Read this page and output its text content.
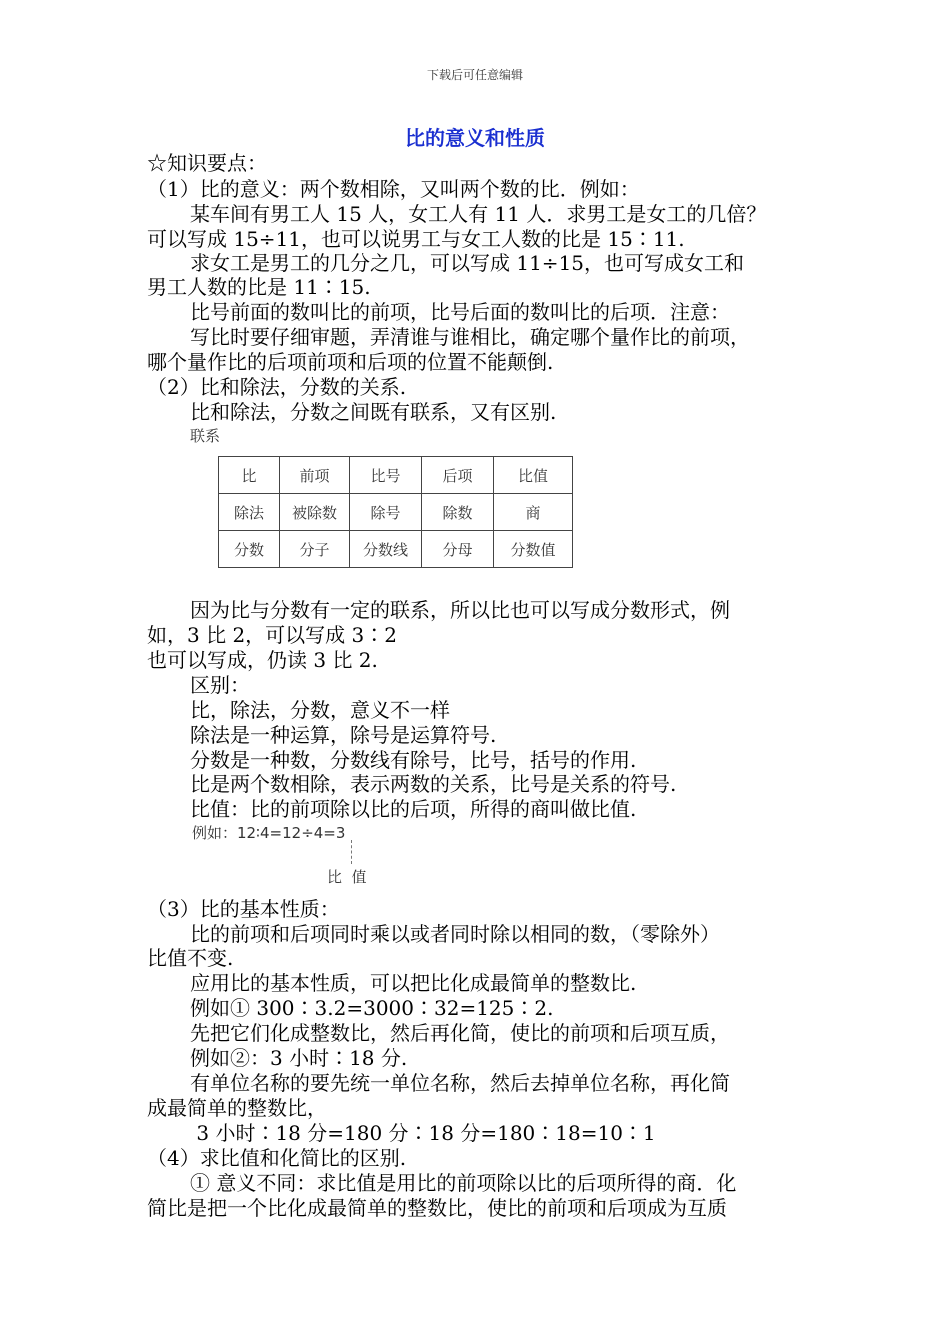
下载后可任意编辑
比的意义和性质
☆知识要点：
（1）比的意义：两个数相除，又叫两个数的比．例如：
某车间有男工人 15 人，女工人有 11 人．求男工是女工的几倍？
可以写成 15÷11，也可以说男工与女工人数的比是 15∶11.
求女工是男工的几分之几，可以写成 11÷15，也可写成女工和
男工人数的比是 11∶15.
比号前面的数叫比的前项，比号后面的数叫比的后项．注意：
写比时要仔细审题，弄清谁与谁相比，确定哪个量作比的前项，
哪个量作比的后项前项和后项的位置不能颠倒.
（2）比和除法，分数的关系.
比和除法，分数之间既有联系，又有区别.
联系
比	前项	比号	后项	比值
除法	被除数	除号	除数	商
分数	分子	分数线	分母	分数值
因为比与分数有一定的联系，所以比也可以写成分数形式，例
如，3 比 2，可以写成 3∶2
也可以写成，仍读 3 比 2.
区别：
比，除法，分数，意义不一样
除法是一种运算，除号是运算符号.
分数是一种数，分数线有除号，比号，括号的作用.
比是两个数相除，表示两数的关系，比号是关系的符号.
比值：比的前项除以比的后项，所得的商叫做比值.
例如：12∶4=12÷4=3
比  值
（3）比的基本性质：
比的前项和后项同时乘以或者同时除以相同的数，（零除外）
比值不变.
应用比的基本性质，可以把比化成最简单的整数比.
例如① 300∶3.2=3000∶32=125∶2.
先把它们化成整数比，然后再化简，使比的前项和后项互质，
例如②：3 小时∶18 分.
有单位名称的要先统一单位名称，然后去掉单位名称，再化简
成最简单的整数比，
3 小时∶18 分=180 分∶18 分=180∶18=10∶1
（4）求比值和化简比的区别.
① 意义不同：求比值是用比的前项除以比的后项所得的商．化
简比是把一个比化成最简单的整数比，使比的前项和后项成为互质
